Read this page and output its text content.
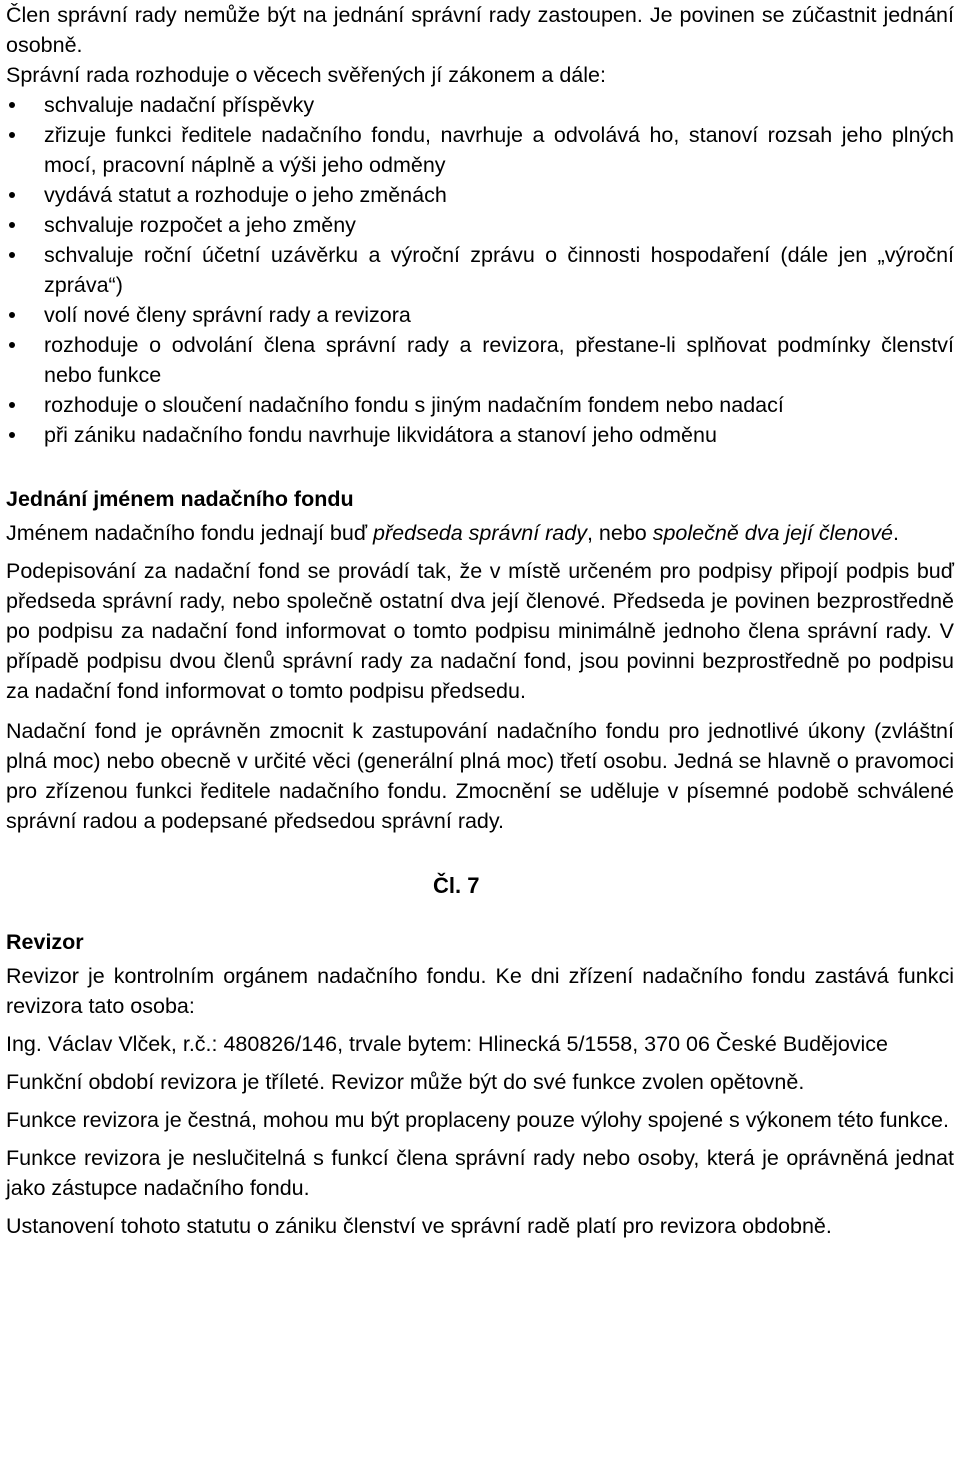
Člen správní rady nemůže být na jednání správní rady zastoupen. Je povinen se zúčastnit jednání osobně.

Správní rada rozhoduje o věcech svěřených jí zákonem a dále:

schvaluje nadační příspěvky
zřizuje funkci ředitele nadačního fondu, navrhuje a odvolává ho, stanoví rozsah jeho plných mocí, pracovní náplně a výši jeho odměny
vydává statut a rozhoduje o jeho změnách
schvaluje rozpočet a jeho změny
schvaluje roční účetní uzávěrku a výroční zprávu o činnosti hospodaření (dále jen „výroční zpráva“)
volí nové členy správní rady a revizora
rozhoduje o odvolání člena správní rady a revizora, přestane-li splňovat podmínky členství nebo funkce
rozhoduje o sloučení nadačního fondu s jiným nadačním fondem nebo nadací
při zániku nadačního fondu navrhuje likvidátora a stanoví jeho odměnu
Jednání jménem nadačního fondu

Jménem nadačního fondu jednají buď předseda správní rady, nebo společně dva její členové.

Podepisování za nadační fond se provádí tak, že v místě určeném pro podpisy připojí podpis buď předseda správní rady, nebo společně ostatní dva její členové. Předseda je povinen bezprostředně po podpisu za nadační fond informovat o tomto podpisu minimálně jednoho člena správní rady. V případě podpisu dvou členů správní rady za nadační fond, jsou povinni bezprostředně po podpisu za nadační fond informovat o tomto podpisu předsedu.

Nadační fond je oprávněn zmocnit k zastupování nadačního fondu pro jednotlivé úkony (zvláštní plná moc) nebo obecně v určité věci (generální plná moc) třetí osobu. Jedná se hlavně o pravomoci pro zřízenou funkci ředitele nadačního fondu. Zmocnění se uděluje v písemné podobě schválené správní radou a podepsané předsedou správní rady.

Čl. 7
Revizor

Revizor je kontrolním orgánem nadačního fondu. Ke dni zřízení nadačního fondu zastává funkci revizora tato osoba:

Ing. Václav Vlček, r.č.: 480826/146, trvale bytem: Hlinecká 5/1558, 370 06 České Budějovice

Funkční období revizora je tříleté. Revizor může být do své funkce zvolen opětovně.

Funkce revizora je čestná, mohou mu být proplaceny pouze výlohy spojené s výkonem této funkce.

Funkce revizora je neslučitelná s funkcí člena správní rady nebo osoby, která je oprávněná jednat jako zástupce nadačního fondu.

Ustanovení tohoto statutu o zániku členství ve správní radě platí pro revizora obdobně.
